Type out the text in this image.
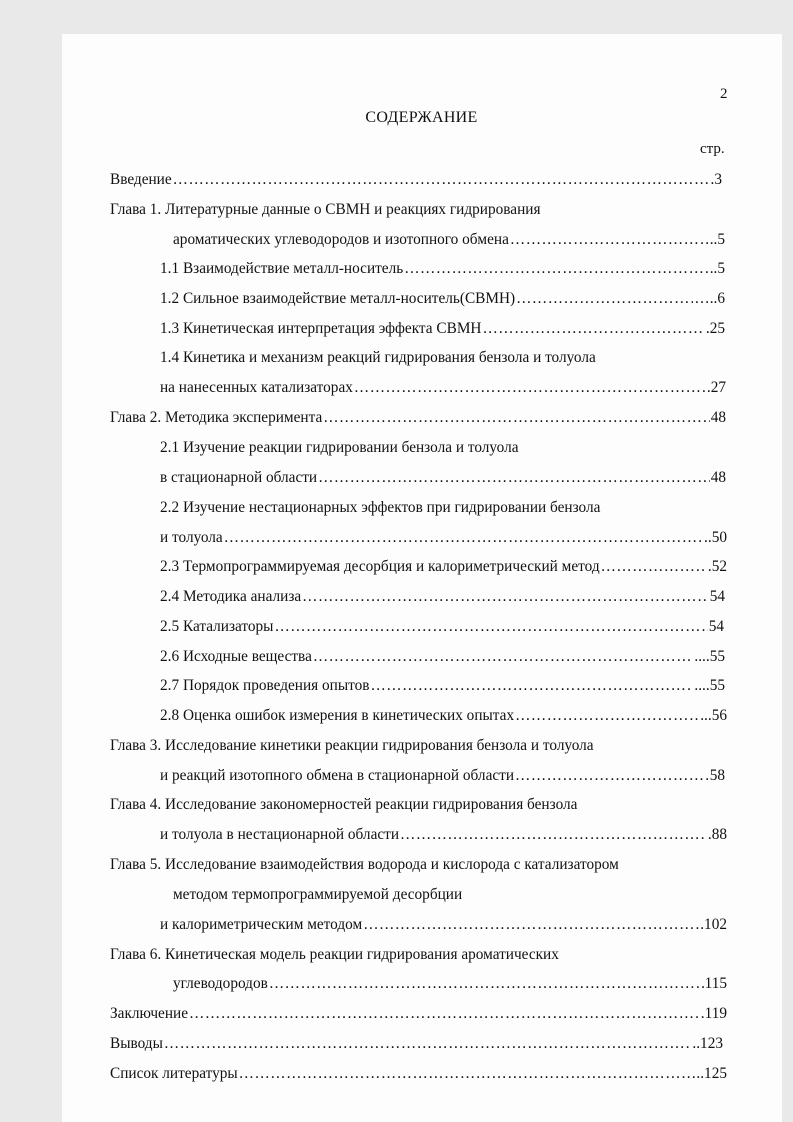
2
СОДЕРЖАНИЕ
стр.
Введение ……………………………………………………………………………………………………………………………………………………………………	.3
Глава 1. Литературные данные о СВМН и реакциях гидрирования
ароматических углеводородов и изотопного обмена ……………………………………………………………………………………………………………………………………………………………………	..5
1.1 Взаимодействие металл-носитель ……………………………………………………………………………………………………………………………………………………………………	..5
1.2 Сильное взаимодействие металл-носитель(СВМН) ……………………………………………………………………………………………………………………………………………………………………	…..6
1.3 Кинетическая интерпретация эффекта СВМН ……………………………………………………………………………………………………………………………………………………………………	.25
1.4 Кинетика и механизм реакций гидрирования бензола и толуола
на нанесенных катализаторах ……………………………………………………………………………………………………………………………………………………………………	.27
Глава 2. Методика эксперимента ……………………………………………………………………………………………………………………………………………………………………	48
2.1 Изучение реакции гидрировании бензола и толуола
в стационарной области ……………………………………………………………………………………………………………………………………………………………………	48
2.2 Изучение нестационарных эффектов при гидрировании бензола
и толуола ……………………………………………………………………………………………………………………………………………………………………	..50
2.3 Термопрограммируемая десорбция и калориметрический метод ……………………………………………………………………………………………………………………………………………………………………	.52
2.4 Методика анализа ……………………………………………………………………………………………………………………………………………………………………	54
2.5 Катализаторы ……………………………………………………………………………………………………………………………………………………………………	54
2.6 Исходные вещества ……………………………………………………………………………………………………………………………………………………………………	....55
2.7 Порядок проведения опытов ……………………………………………………………………………………………………………………………………………………………………	....55
2.8 Оценка ошибок измерения в кинетических опытах ……………………………………………………………………………………………………………………………………………………………………	...56
Глава 3. Исследование кинетики реакции гидрирования бензола и толуола
и реакций изотопного обмена в стационарной области ……………………………………………………………………………………………………………………………………………………………………	58
Глава 4. Исследование закономерностей реакции гидрирования бензола
и толуола в нестационарной области ……………………………………………………………………………………………………………………………………………………………………	.88
Глава 5. Исследование взаимодействия водорода и кислорода с катализатором
методом термопрограммируемой десорбции
и калориметрическим методом ……………………………………………………………………………………………………………………………………………………………………	.102
Глава 6. Кинетическая модель реакции гидрирования ароматических
углеводородов ……………………………………………………………………………………………………………………………………………………………………	115
Заключение ……………………………………………………………………………………………………………………………………………………………………	.119
Выводы ……………………………………………………………………………………………………………………………………………………………………	..123
Список литературы ……………………………………………………………………………………………………………………………………………………………………	..125
